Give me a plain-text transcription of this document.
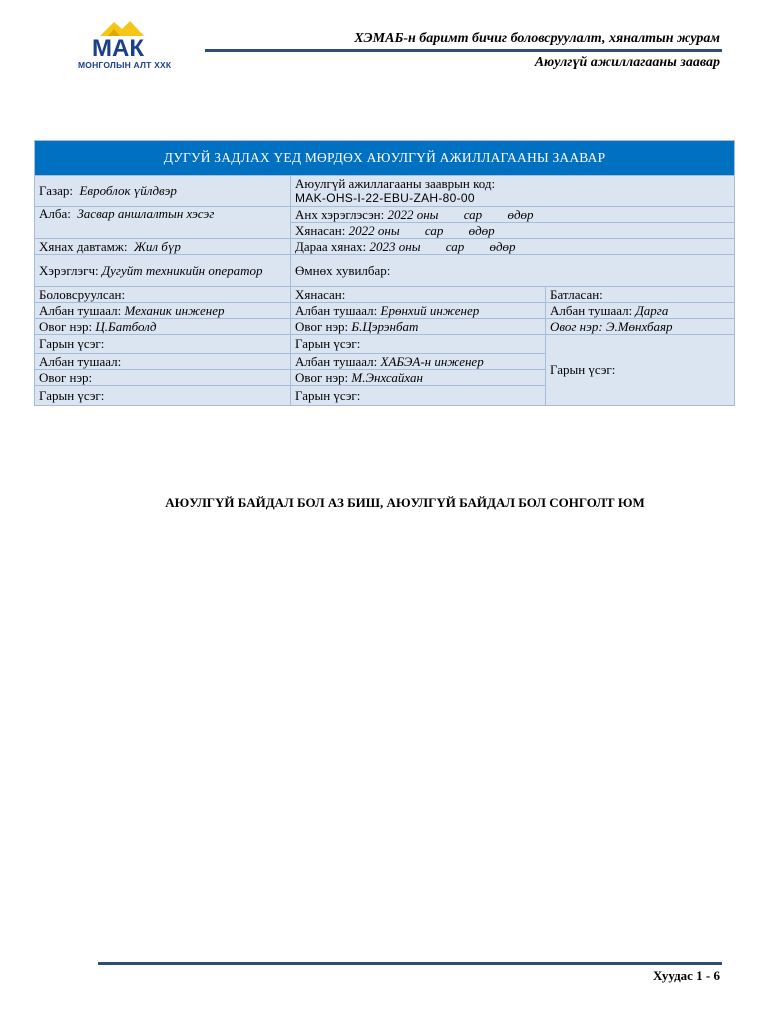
МАК
МОНГОЛЫН АЛТ ХХК
ХЭМАБ-н баримт бичиг боловсруулалт, хяналтын журам
Аюулгүй ажиллагааны заавар
ДУГУЙ ЗАДЛАХ ҮЕД МӨРДӨХ АЮУЛГҮЙ АЖИЛЛАГААНЫ ЗААВАР		
Газар: Евроблок үйлдвэр	Аюулгүй ажиллагааны зааврын код:
MAK-OHS-I-22-EBU-ZAH-80-00	

Алба: Засвар аншлалтын хэсэг	Анх хэрэглэсэн: 2022 оны сар өдөр	
	Хянасан: 2022 оны сар өдөр	
Хянах давтамж: Жил бүр	Дараа хянах: 2023 оны сар өдөр	
Хэрэглэгч: Дугуйт техникийн оператор	Өмнөх хувилбар:	
Боловсруулсан:	Хянасан:	Батласан:
Албан тушаал: Механик инженер	Албан тушаал: Ерөнхий инженер	Албан тушаал: Дарга
Овог нэр: Ц.Батболд	Овог нэр: Б.Цэрэнбат	Овог нэр: Э.Мөнхбаяр
Гарын үсэг:	Гарын үсэг:	Гарын үсэг:
Албан тушаал:	Албан тушаал: ХАБЭА-н инженер	
Овог нэр:	Овог нэр: М.Энхсайхан	
Гарын үсэг:	Гарын үсэг:	
АЮУЛГҮЙ БАЙДАЛ БОЛ АЗ БИШ, АЮУЛГҮЙ БАЙДАЛ БОЛ СОНГОЛТ ЮМ
Хуудас 1 - 6
